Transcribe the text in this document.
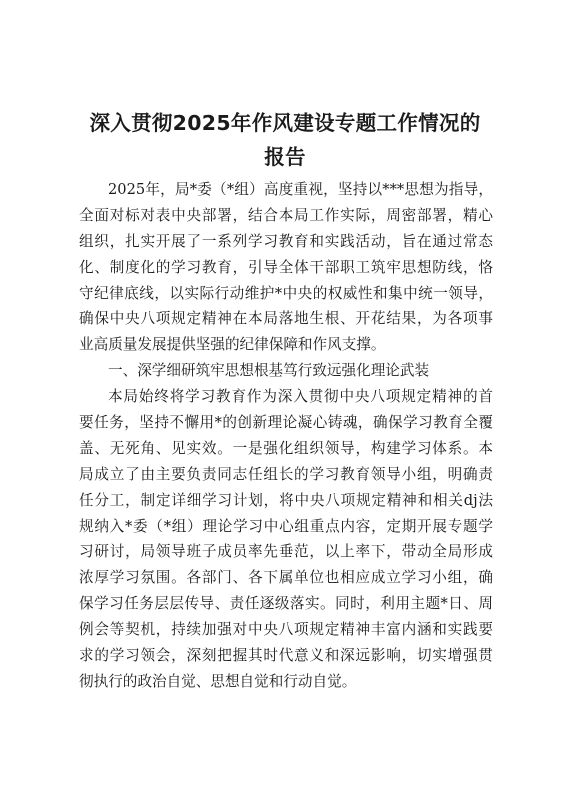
深入贯彻2025年作风建设专题工作情况的
报告
2025年，局*委（*组）高度重视，坚持以***思想为指导，
全面对标对表中央部署，结合本局工作实际，周密部署，精心
组织，扎实开展了一系列学习教育和实践活动，旨在通过常态
化、制度化的学习教育，引导全体干部职工筑牢思想防线，恪
守纪律底线，以实际行动维护*中央的权威性和集中统一领导，
确保中央八项规定精神在本局落地生根、开花结果，为各项事
业高质量发展提供坚强的纪律保障和作风支撑。
一、深学细研筑牢思想根基笃行致远强化理论武装
本局始终将学习教育作为深入贯彻中央八项规定精神的首
要任务，坚持不懈用*的创新理论凝心铸魂，确保学习教育全覆
盖、无死角、见实效。一是强化组织领导，构建学习体系。本
局成立了由主要负责同志任组长的学习教育领导小组，明确责
任分工，制定详细学习计划，将中央八项规定精神和相关dj法
规纳入*委（*组）理论学习中心组重点内容，定期开展专题学
习研讨，局领导班子成员率先垂范，以上率下，带动全局形成
浓厚学习氛围。各部门、各下属单位也相应成立学习小组，确
保学习任务层层传导、责任逐级落实。同时，利用主题*日、周
例会等契机，持续加强对中央八项规定精神丰富内涵和实践要
求的学习领会，深刻把握其时代意义和深远影响，切实增强贯
彻执行的政治自觉、思想自觉和行动自觉。
